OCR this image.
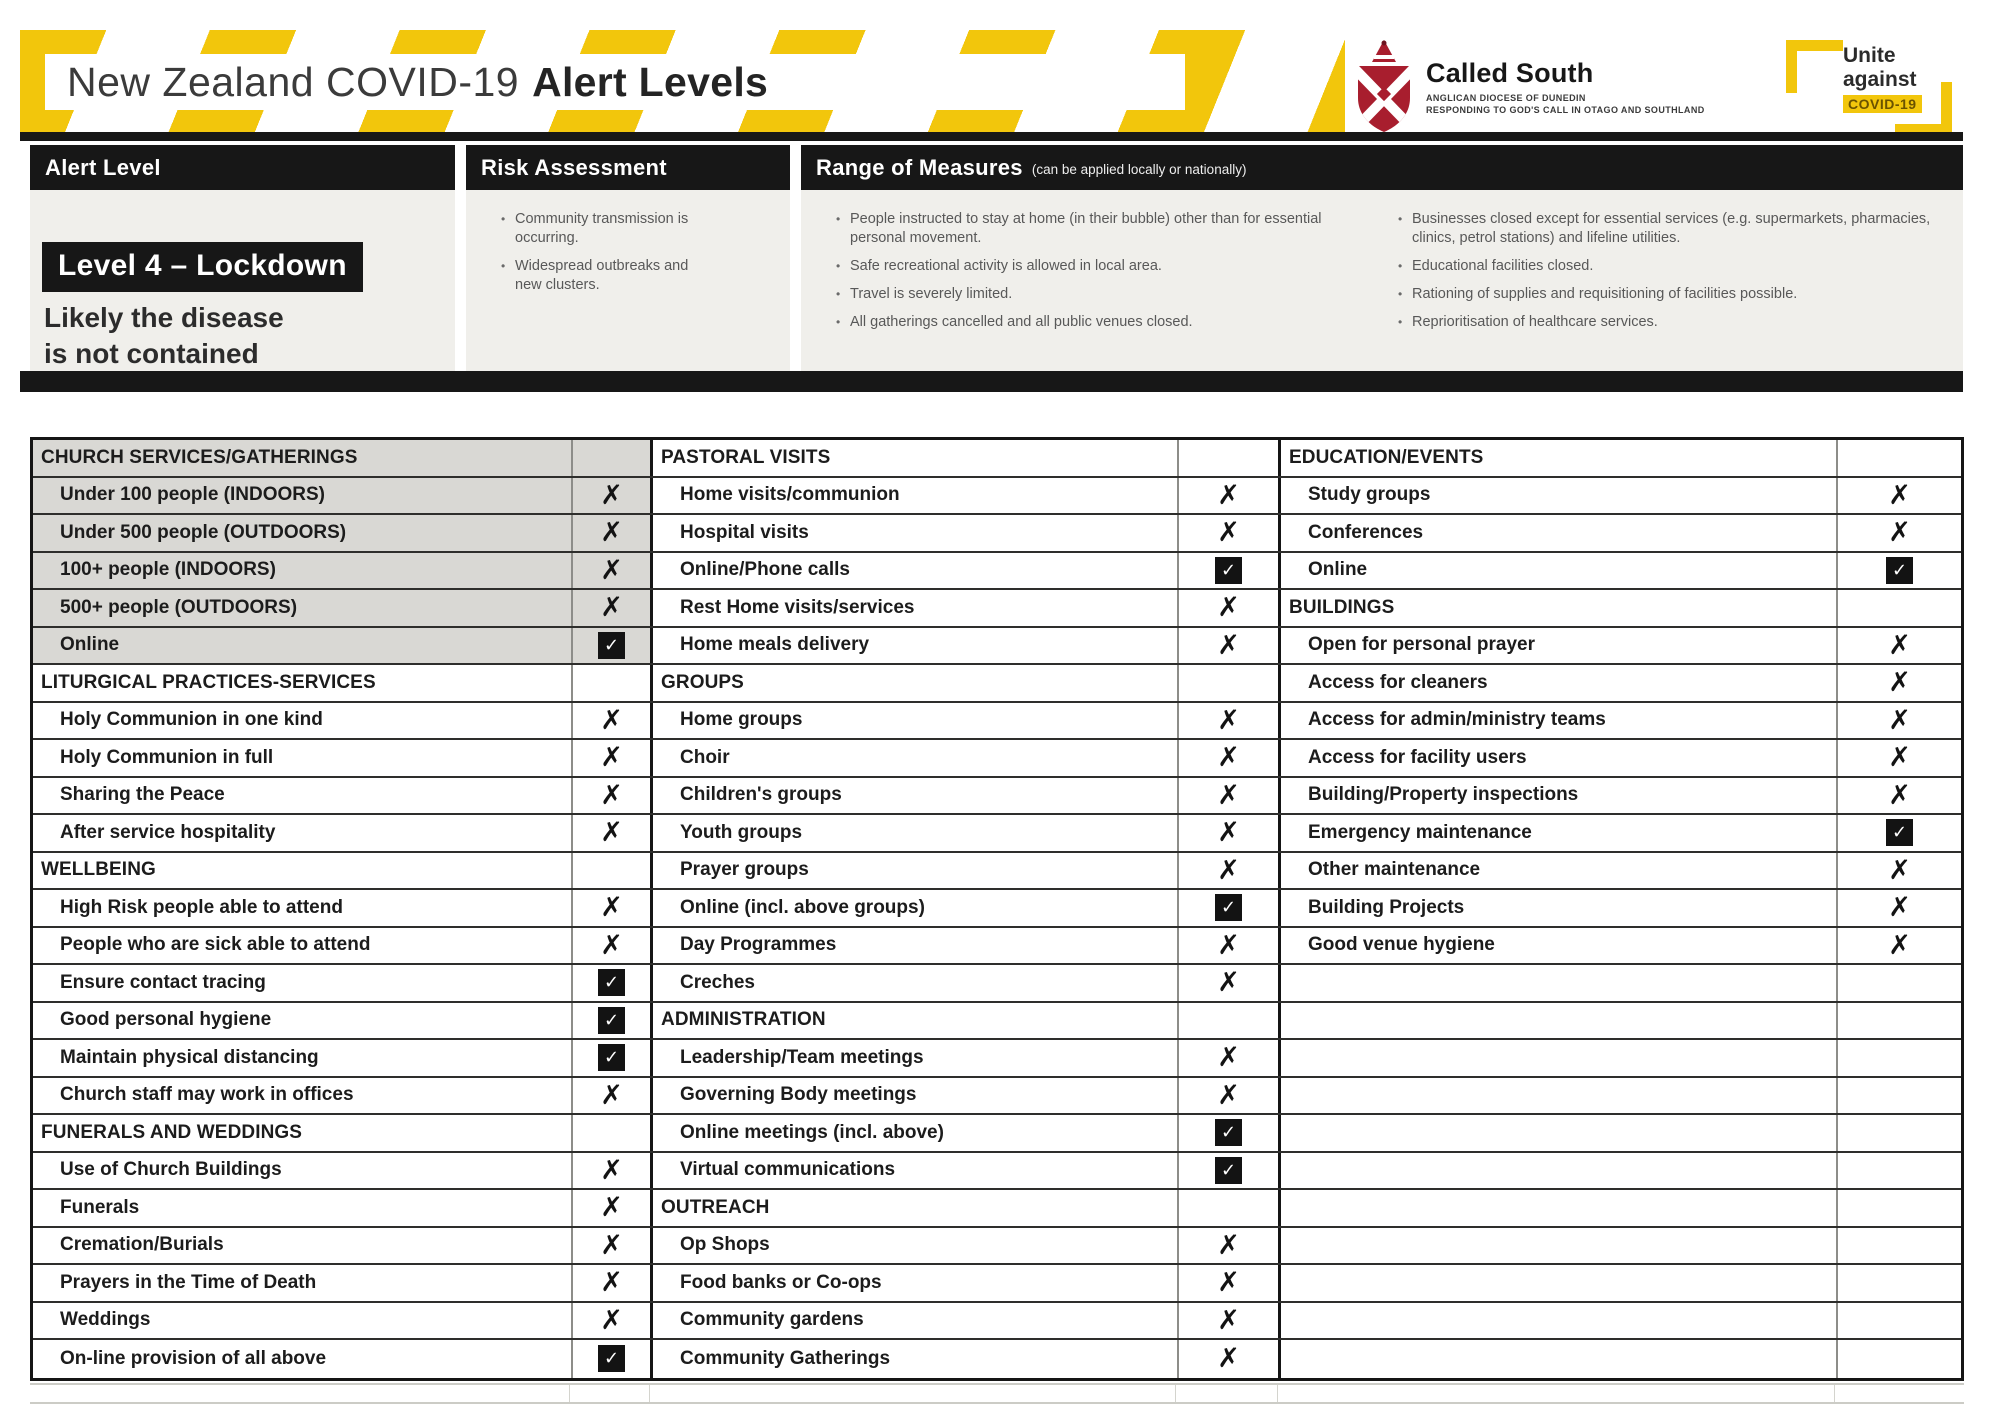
New Zealand COVID-19 Alert Levels	Called South
ANGLICAN DIOCESE OF DUNEDIN
RESPONDING TO GOD'S CALL IN OTAGO AND SOUTHLAND
Unite
against
COVID-19
Alert Level	Risk Assessment	Range of Measures (can be applied locally or nationally)
Level 4 – Lockdown
Likely the disease
is not contained
• Community transmission is occurring.
• Widespread outbreaks and new clusters.
• People instructed to stay at home (in their bubble) other than for essential personal movement.
• Safe recreational activity is allowed in local area.
• Travel is severely limited.
• All gatherings cancelled and all public venues closed.
• Businesses closed except for essential services (e.g. supermarkets, pharmacies, clinics, petrol stations) and lifeline utilities.
• Educational facilities closed.
• Rationing of supplies and requisitioning of facilities possible.
• Reprioritisation of healthcare services.
CHURCH SERVICES/GATHERINGS
Under 100 people (INDOORS)	✗
Under 500 people (OUTDOORS)	✗
100+ people (INDOORS)	✗
500+ people (OUTDOORS)	✗
Online	✓
LITURGICAL PRACTICES-SERVICES
Holy Communion in one kind	✗
Holy Communion in full	✗
Sharing the Peace	✗
After service hospitality	✗
WELLBEING
High Risk people able to attend	✗
People who are sick able to attend	✗
Ensure contact tracing	✓
Good personal hygiene	✓
Maintain physical distancing	✓
Church staff may work in offices	✗
FUNERALS AND WEDDINGS
Use of Church Buildings	✗
Funerals	✗
Cremation/Burials	✗
Prayers in the Time of Death	✗
Weddings	✗
On-line provision of all above	✓
PASTORAL VISITS
Home visits/communion	✗
Hospital visits	✗
Online/Phone calls	✓
Rest Home visits/services	✗
Home meals delivery	✗
GROUPS
Home groups	✗
Choir	✗
Children's groups	✗
Youth groups	✗
Prayer groups	✗
Online (incl. above groups)	✓
Day Programmes	✗
Creches	✗
ADMINISTRATION
Leadership/Team meetings	✗
Governing Body meetings	✗
Online meetings (incl. above)	✓
Virtual communications	✓
OUTREACH
Op Shops	✗
Food banks or Co-ops	✗
Community gardens	✗
Community Gatherings	✗
EDUCATION/EVENTS
Study groups	✗
Conferences	✗
Online	✓
BUILDINGS
Open for personal prayer	✗
Access for cleaners	✗
Access for admin/ministry teams	✗
Access for facility users	✗
Building/Property inspections	✗
Emergency maintenance	✓
Other maintenance	✗
Building Projects	✗
Good venue hygiene	✗
